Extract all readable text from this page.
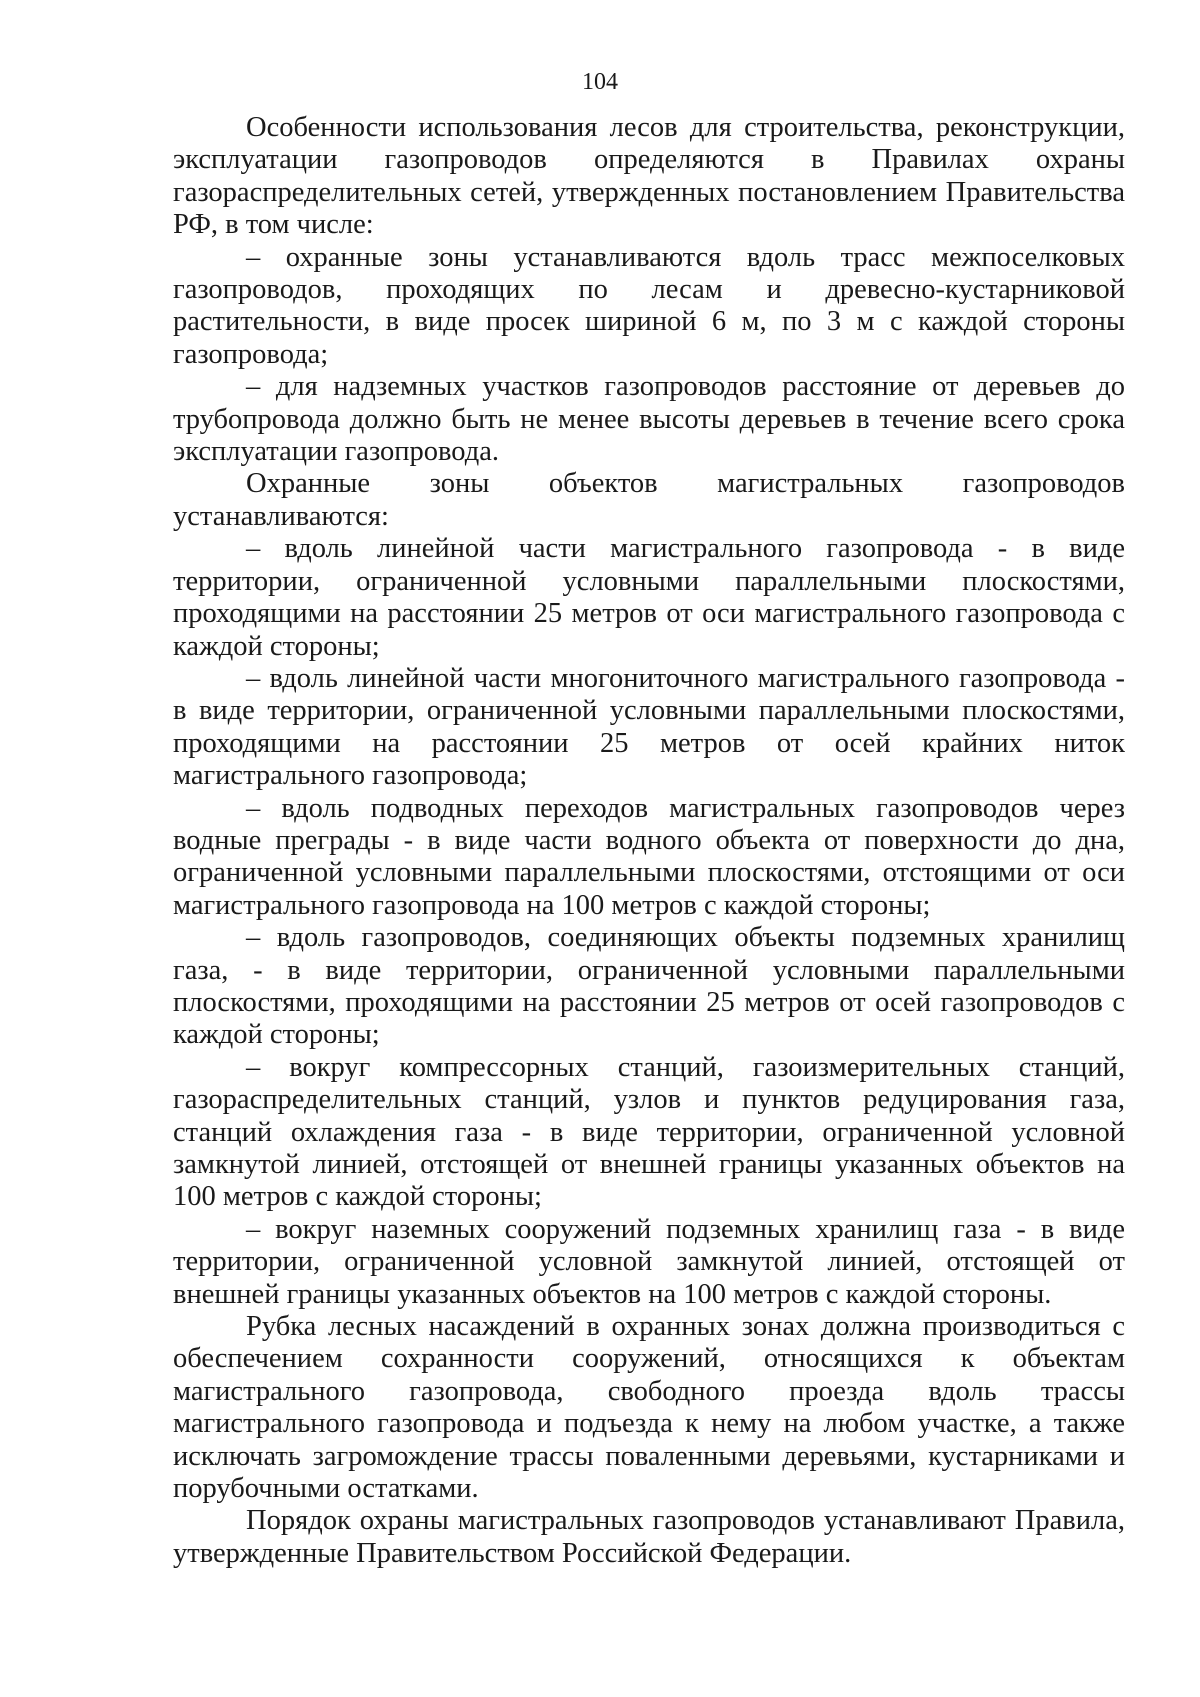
104

Особенности использования лесов для строительства, реконструкции, эксплуатации газопроводов определяются в Правилах охраны газораспределительных сетей, утвержденных постановлением Правительства РФ, в том числе:

– охранные зоны устанавливаются вдоль трасс межпоселковых газопроводов, проходящих по лесам и древесно-кустарниковой растительности, в виде просек шириной 6 м, по 3 м с каждой стороны газопровода;

– для надземных участков газопроводов расстояние от деревьев до трубопровода должно быть не менее высоты деревьев в течение всего срока эксплуатации газопровода.

Охранные зоны объектов магистральных газопроводов устанавливаются:

– вдоль линейной части магистрального газопровода - в виде территории, ограниченной условными параллельными плоскостями, проходящими на расстоянии 25 метров от оси магистрального газопровода с каждой стороны;

– вдоль линейной части многониточного магистрального газопровода - в виде территории, ограниченной условными параллельными плоскостями, проходящими на расстоянии 25 метров от осей крайних ниток магистрального газопровода;

– вдоль подводных переходов магистральных газопроводов через водные преграды - в виде части водного объекта от поверхности до дна, ограниченной условными параллельными плоскостями, отстоящими от оси магистрального газопровода на 100 метров с каждой стороны;

– вдоль газопроводов, соединяющих объекты подземных хранилищ газа, - в виде территории, ограниченной условными параллельными плоскостями, проходящими на расстоянии 25 метров от осей газопроводов с каждой стороны;

– вокруг компрессорных станций, газоизмерительных станций, газораспределительных станций, узлов и пунктов редуцирования газа, станций охлаждения газа - в виде территории, ограниченной условной замкнутой линией, отстоящей от внешней границы указанных объектов на 100 метров с каждой стороны;

– вокруг наземных сооружений подземных хранилищ газа - в виде территории, ограниченной условной замкнутой линией, отстоящей от внешней границы указанных объектов на 100 метров с каждой стороны.

Рубка лесных насаждений в охранных зонах должна производиться с обеспечением сохранности сооружений, относящихся к объектам магистрального газопровода, свободного проезда вдоль трассы магистрального газопровода и подъезда к нему на любом участке, а также исключать загромождение трассы поваленными деревьями, кустарниками и порубочными остатками.

Порядок охраны магистральных газопроводов устанавливают Правила, утвержденные Правительством Российской Федерации.
